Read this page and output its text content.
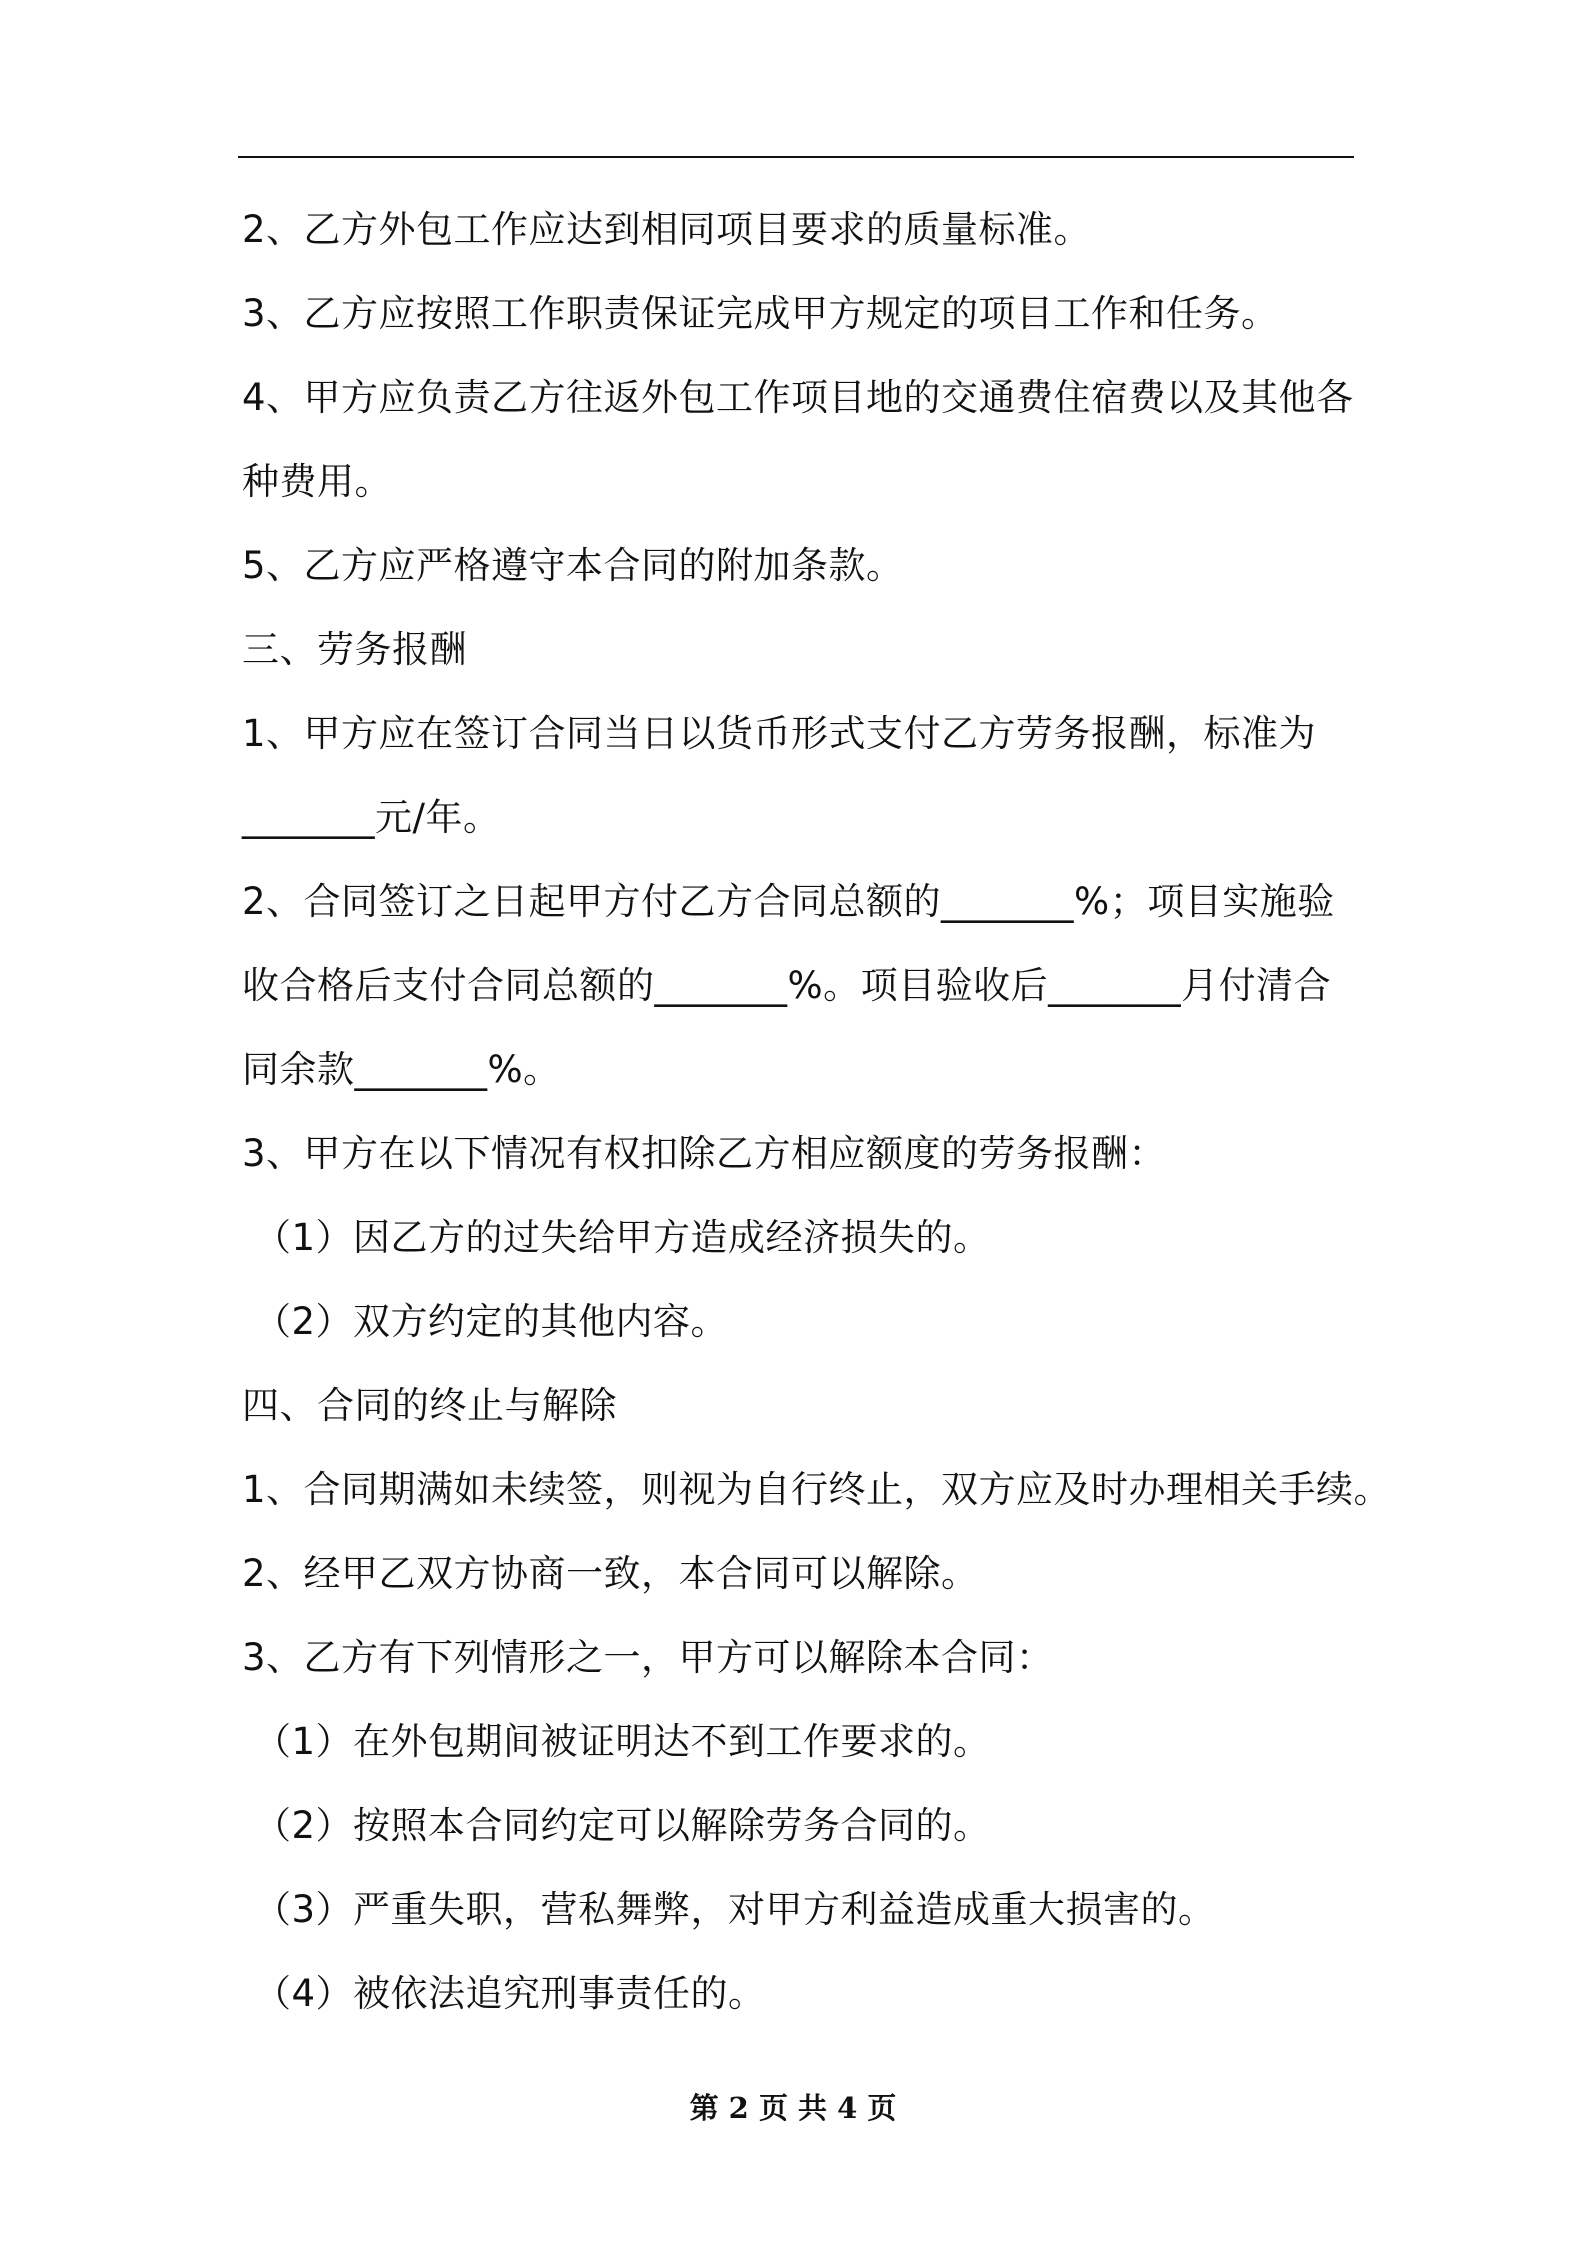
2、乙方外包工作应达到相同项目要求的质量标准。
3、乙方应按照工作职责保证完成甲方规定的项目工作和任务。
4、甲方应负责乙方往返外包工作项目地的交通费住宿费以及其他各
种费用。
5、乙方应严格遵守本合同的附加条款。
三、劳务报酬
1、甲方应在签订合同当日以货币形式支付乙方劳务报酬，标准为
_______元/年。
2、合同签订之日起甲方付乙方合同总额的_______%；项目实施验
收合格后支付合同总额的_______%。项目验收后_______月付清合
同余款_______%。
3、甲方在以下情况有权扣除乙方相应额度的劳务报酬：
（1）因乙方的过失给甲方造成经济损失的。
（2）双方约定的其他内容。
四、合同的终止与解除
1、合同期满如未续签，则视为自行终止，双方应及时办理相关手续。
2、经甲乙双方协商一致，本合同可以解除。
3、乙方有下列情形之一，甲方可以解除本合同：
（1）在外包期间被证明达不到工作要求的。
（2）按照本合同约定可以解除劳务合同的。
（3）严重失职，营私舞弊，对甲方利益造成重大损害的。
（4）被依法追究刑事责任的。
第 2 页 共 4 页
